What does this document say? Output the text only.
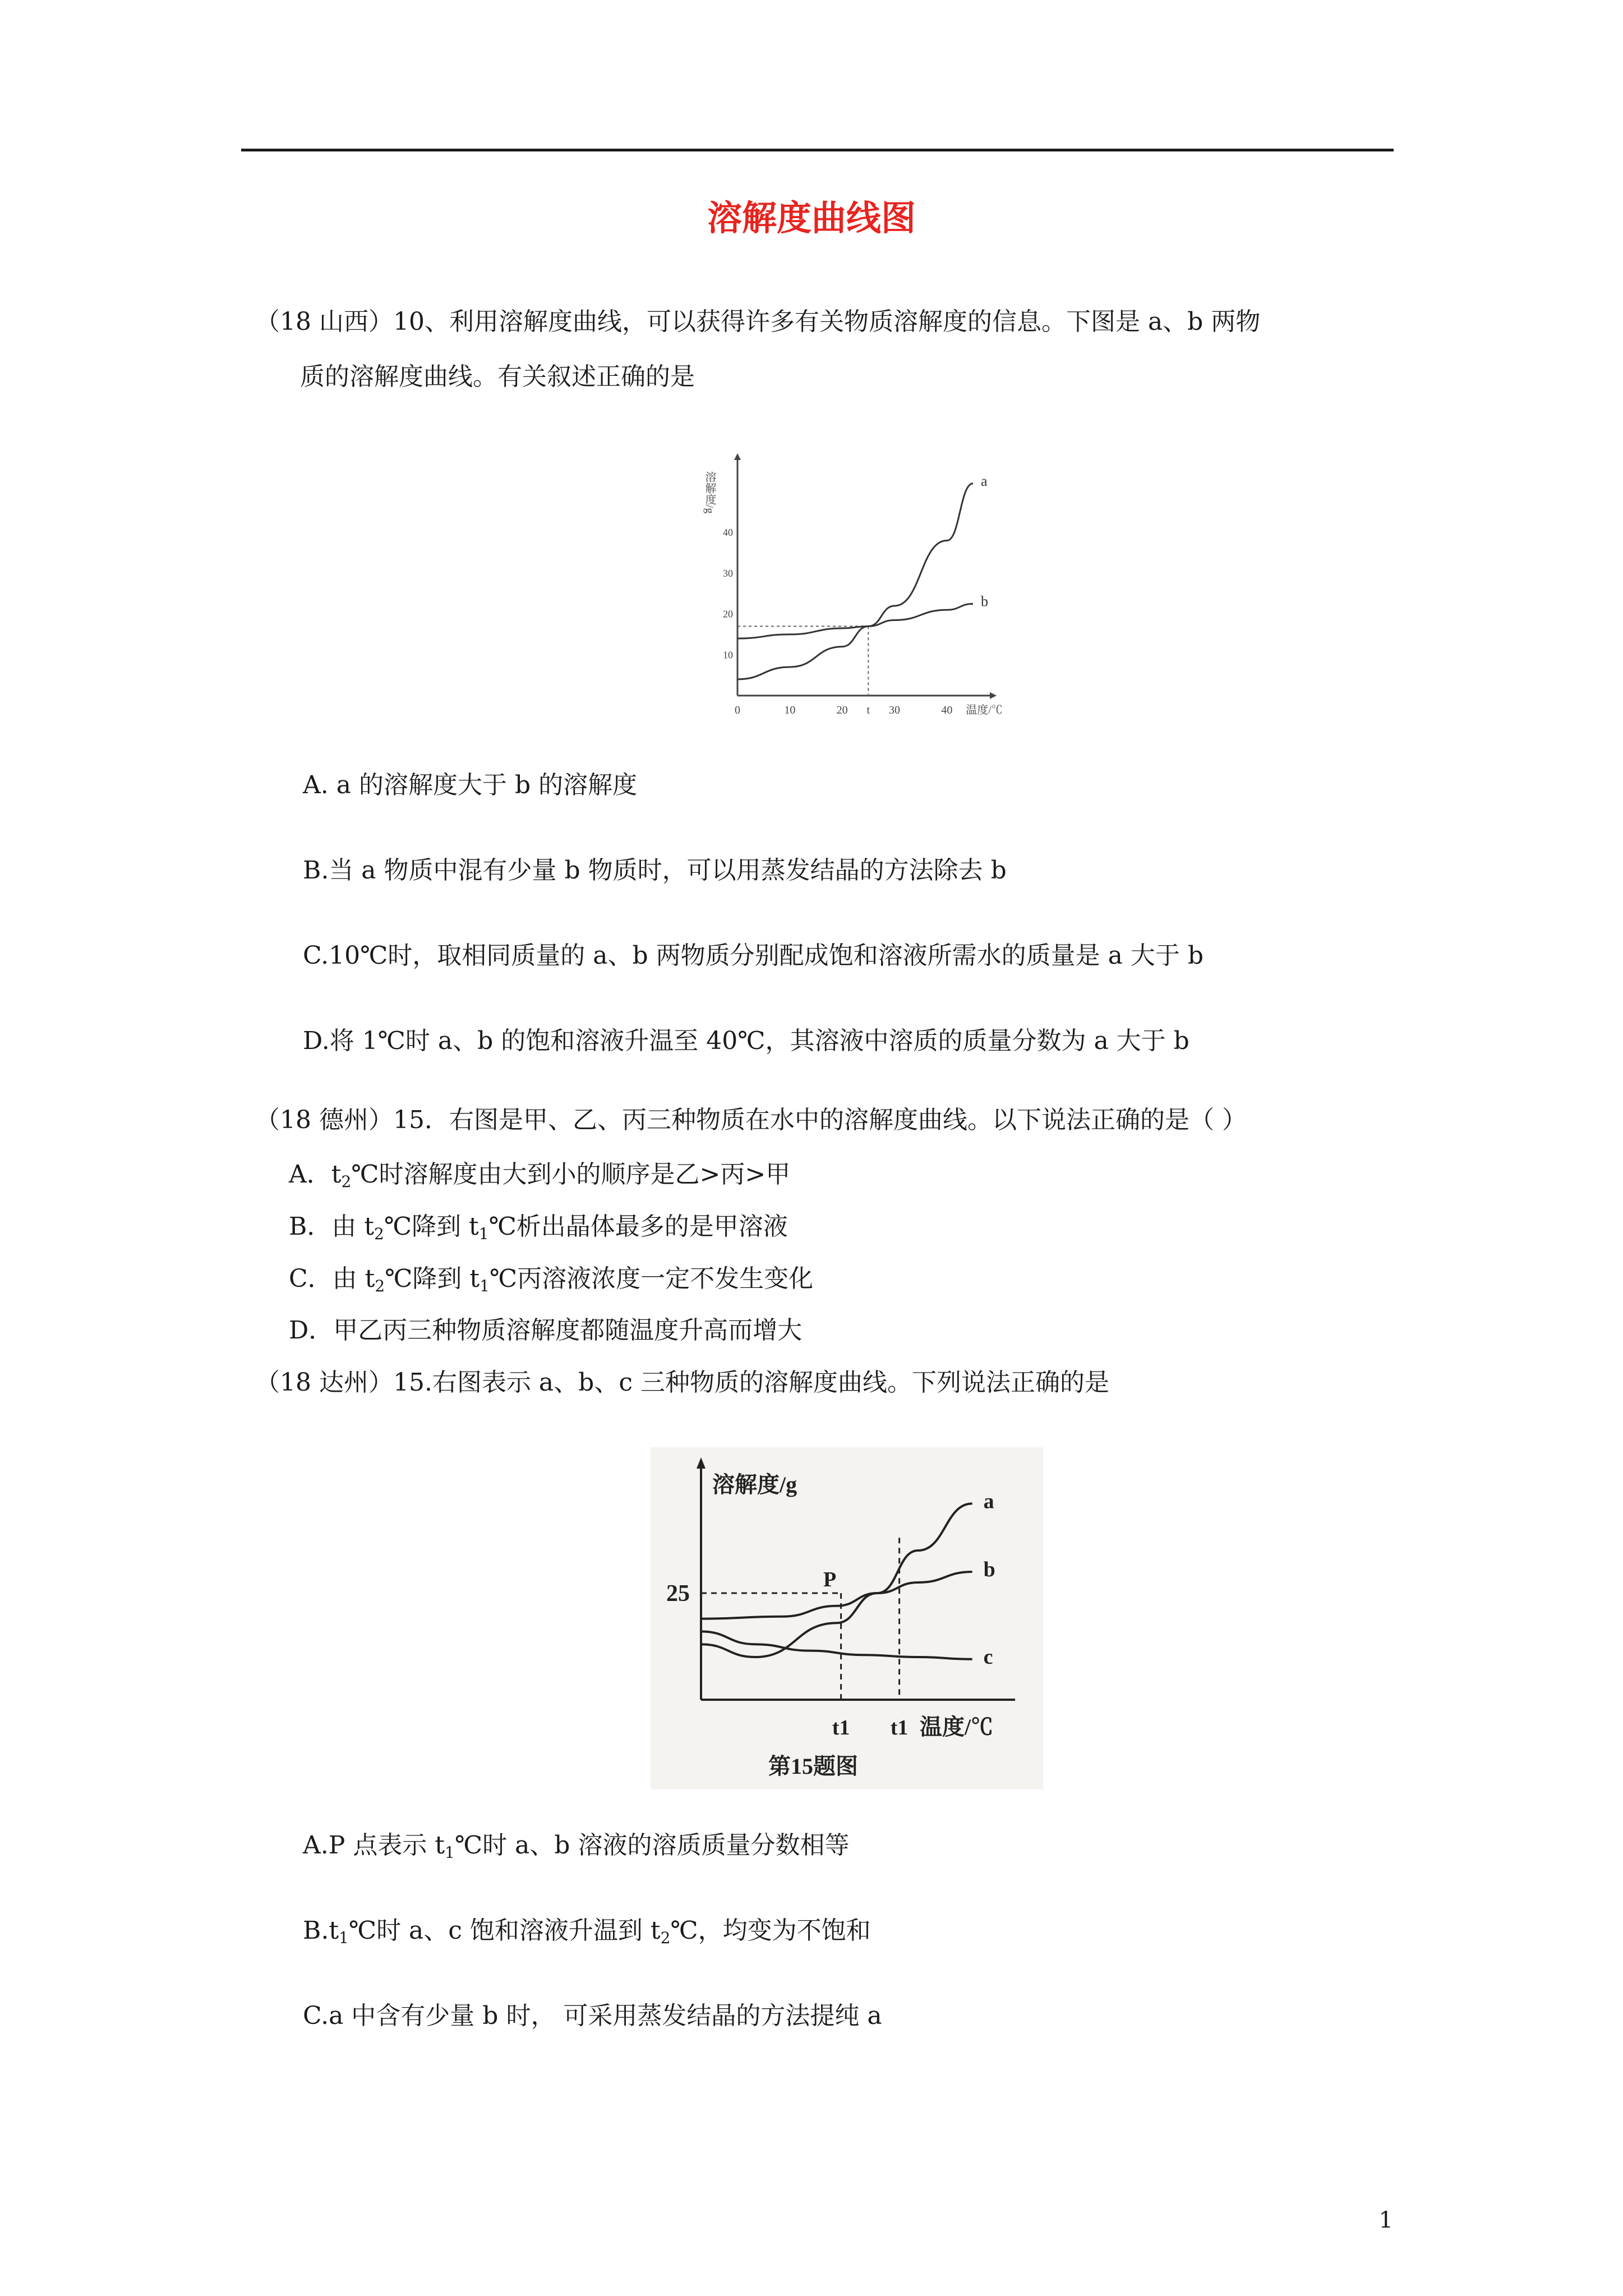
溶解度曲线图
（18 山西）10、利用溶解度曲线，可以获得许多有关物质溶解度的信息。下图是 a、b 两物
质的溶解度曲线。有关叙述正确的是
0	10	20 t 30	40 温度/℃
10
20
30
40
溶解度/g	a
b
A. a 的溶解度大于 b 的溶解度
B.当 a 物质中混有少量 b 物质时，可以用蒸发结晶的方法除去 b
C.10℃时，取相同质量的 a、b 两物质分别配成饱和溶液所需水的质量是 a 大于 b
D.将 1℃时 a、b 的饱和溶液升温至 40℃，其溶液中溶质的质量分数为 a 大于 b
（18 德州）15．右图是甲、乙、丙三种物质在水中的溶解度曲线。以下说法正确的是（ ）
A．$t_2℃$时溶解度由大到小的顺序是乙>丙>甲
B．由 $t_2℃$降到 $t_1℃$析出晶体最多的是甲溶液
C．由 $t_2℃$降到 $t_1℃$丙溶液浓度一定不发生变化
D．甲乙丙三种物质溶解度都随温度升高而增大
（18 达州）15.右图表示 a、b、c 三种物质的溶解度曲线。下列说法正确的是
溶解度/g
温度/℃
25
t1 t1
P
a
b
c
第15题图
A.P 点表示 $t_1℃$时 a、b 溶液的溶质质量分数相等
$B.t_1℃$时 a、c 饱和溶液升温到 $t_2℃$，均变为不饱和
C.a 中含有少量 b 时， 可采用蒸发结晶的方法提纯 a
1
